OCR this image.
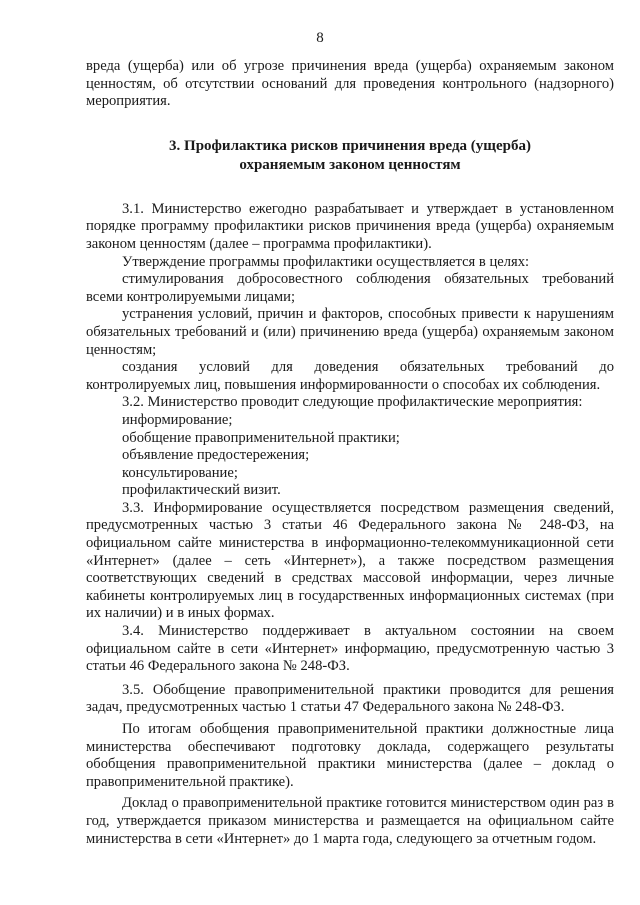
8

вреда (ущерба) или об угрозе причинения вреда (ущерба) охраняемым законом ценностям, об отсутствии оснований для проведения контрольного (надзорного) мероприятия.

3. Профилактика рисков причинения вреда (ущерба)
охраняемым законом ценностям

3.1. Министерство ежегодно разрабатывает и утверждает в установленном порядке программу профилактики рисков причинения вреда (ущерба) охраняемым законом ценностям (далее – программа профилактики).

Утверждение программы профилактики осуществляется в целях:

стимулирования добросовестного соблюдения обязательных требований всеми контролируемыми лицами;

устранения условий, причин и факторов, способных привести к нарушениям обязательных требований и (или) причинению вреда (ущерба) охраняемым законом ценностям;

создания условий для доведения обязательных требований до контролируемых лиц, повышения информированности о способах их соблюдения.

3.2. Министерство проводит следующие профилактические мероприятия:

информирование;

обобщение правоприменительной практики;

объявление предостережения;

консультирование;

профилактический визит.

3.3. Информирование осуществляется посредством размещения сведений, предусмотренных частью 3 статьи 46 Федерального закона № 248-ФЗ, на официальном сайте министерства в информационно-телекоммуникационной сети «Интернет» (далее – сеть «Интернет»), а также посредством размещения соответствующих сведений в средствах массовой информации, через личные кабинеты контролируемых лиц в государственных информационных системах (при их наличии) и в иных формах.

3.4. Министерство поддерживает в актуальном состоянии на своем официальном сайте в сети «Интернет» информацию, предусмотренную частью 3 статьи 46 Федерального закона № 248-ФЗ.

3.5. Обобщение правоприменительной практики проводится для решения задач, предусмотренных частью 1 статьи 47 Федерального закона № 248-ФЗ.

По итогам обобщения правоприменительной практики должностные лица министерства обеспечивают подготовку доклада, содержащего результаты обобщения правоприменительной практики министерства (далее – доклад о правоприменительной практике).

Доклад о правоприменительной практике готовится министерством один раз в год, утверждается приказом министерства и размещается на официальном сайте министерства в сети «Интернет» до 1 марта года, следующего за отчетным годом.
